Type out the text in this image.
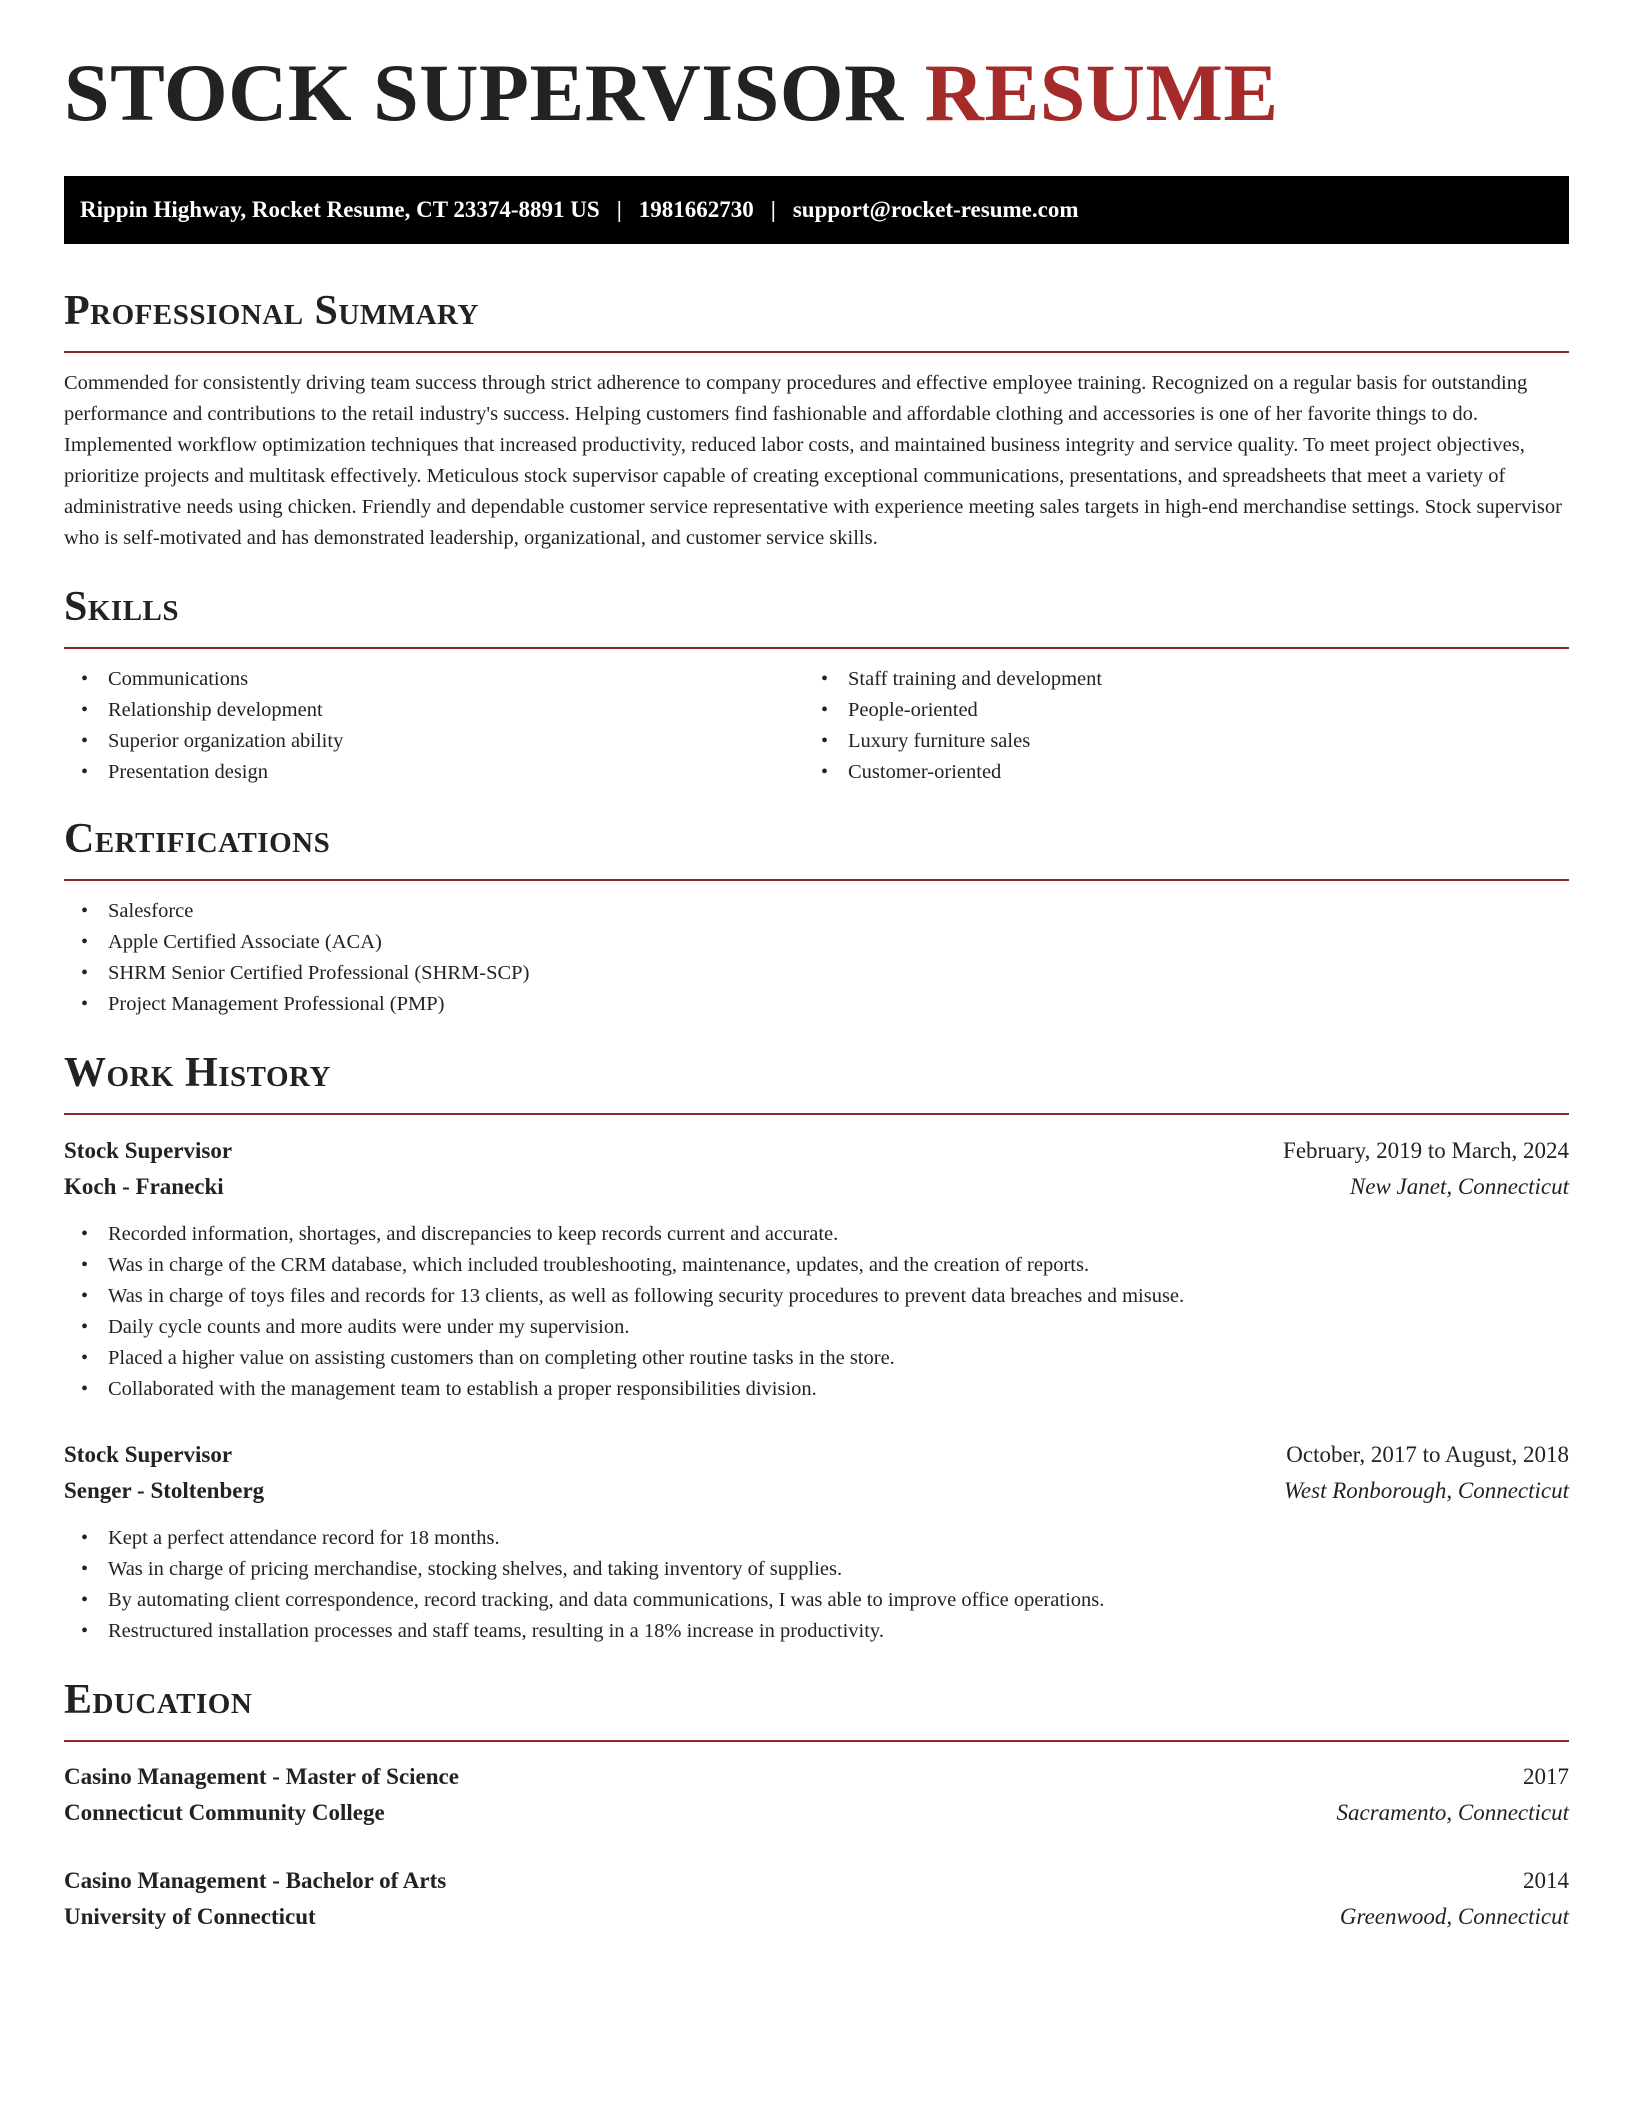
STOCK SUPERVISOR RESUME
Rippin Highway, Rocket Resume, CT 23374-8891 US | 1981662730 | support@rocket-resume.com
Professional Summary

Commended for consistently driving team success through strict adherence to company procedures and effective employee training. Recognized on a regular basis for outstanding performance and contributions to the retail industry's success. Helping customers find fashionable and affordable clothing and accessories is one of her favorite things to do. Implemented workflow optimization techniques that increased productivity, reduced labor costs, and maintained business integrity and service quality. To meet project objectives, prioritize projects and multitask effectively. Meticulous stock supervisor capable of creating exceptional communications, presentations, and spreadsheets that meet a variety of administrative needs using chicken. Friendly and dependable customer service representative with experience meeting sales targets in high-end merchandise settings. Stock supervisor who is self-motivated and has demonstrated leadership, organizational, and customer service skills.

Skills
• Communications
• Relationship development
• Superior organization ability
• Presentation design
• Staff training and development
• People-oriented
• Luxury furniture sales
• Customer-oriented
Certifications
• Salesforce
• Apple Certified Associate (ACA)
• SHRM Senior Certified Professional (SHRM-SCP)
• Project Management Professional (PMP)
Work History
Stock Supervisor	February, 2019 to March, 2024
Koch - Franecki	New Janet, Connecticut
• Recorded information, shortages, and discrepancies to keep records current and accurate.
• Was in charge of the CRM database, which included troubleshooting, maintenance, updates, and the creation of reports.
• Was in charge of toys files and records for 13 clients, as well as following security procedures to prevent data breaches and misuse.
• Daily cycle counts and more audits were under my supervision.
• Placed a higher value on assisting customers than on completing other routine tasks in the store.
• Collaborated with the management team to establish a proper responsibilities division.
Stock Supervisor	October, 2017 to August, 2018
Senger - Stoltenberg	West Ronborough, Connecticut
• Kept a perfect attendance record for 18 months.
• Was in charge of pricing merchandise, stocking shelves, and taking inventory of supplies.
• By automating client correspondence, record tracking, and data communications, I was able to improve office operations.
• Restructured installation processes and staff teams, resulting in a 18% increase in productivity.
Education
Casino Management - Master of Science	2017
Connecticut Community College	Sacramento, Connecticut
Casino Management - Bachelor of Arts	2014
University of Connecticut	Greenwood, Connecticut
